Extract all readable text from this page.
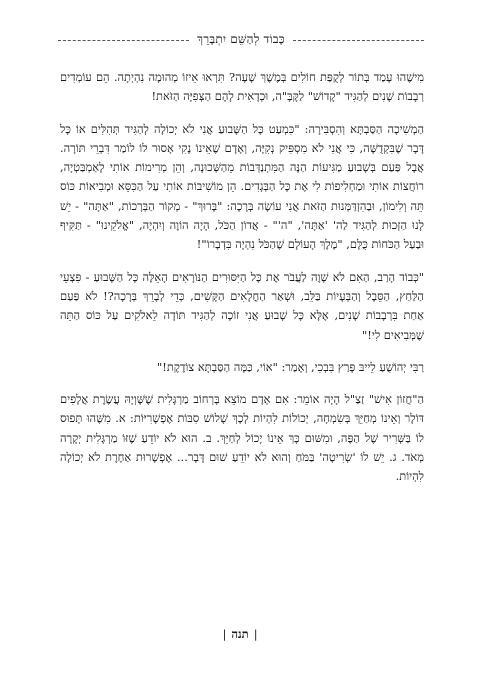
כָּבוֹד לְהַשֵּׁם יִתְבָּרֵךְ

מִישֶׁהוּ עָמַד בְּתוֹר לְקֻפַּת חוֹלִים בְּמֶשֶׁךְ שָׁעָה? תִּרְאוּ אֵיזוֹ מְהוּמָה נִהְיְתָה. הֵם עוֹמְדִים רְבָבוֹת שָׁנִים לְהַגִּיד "קָדוֹשׁ" לַקָּבָּ"ה, וּכְדָאִית לָהֶם הַצְּפִיָּה הַזֹּאת!

הַמְשִׁיכָה הַסַּבְתָּא וְהִסְבִּירָה: "כִּמְעַט כָּל הַשָּׁבוּעַ אֲנִי לֹא יְכוֹלָה לְהַגִּיד תְּהִלִּים אוֹ כָּל דָּבָר שֶׁבִּקְדֻשָּׁה, כִּי אֲנִי לֹא מִסְפִּיק נְקִיָּה, וְאָדָם שֶׁאֵינוֹ נָקִי אָסוּר לוֹ לוֹמַר דִּבְרֵי תּוֹרָה. אֲבָל פַּעַם בְּשָׁבוּעַ מַגִּיעוֹת הַנָּה הַמִּתְנַדְּבוֹת מֵהַשְּׁכוּנָה, וְהֵן מְרִימוֹת אוֹתִי לָאַמְבַּטְיָה, רוֹחֲצוֹת אוֹתִי וּמַחְלִיפוֹת לִי אֶת כָּל הַבְּגָדִים. הֵן מוֹשִׁיבוֹת אוֹתִי עַל הַכִּסֵּא וּמְבִיאוֹת כּוֹס תֵּה וְלִימוֹן, וּבַהִזְדַּמְּנוּת הַזֹּאת אֲנִי עוֹשָׂה בְּרָכָה: "בָּרוּךְ" - מְקוֹר הַבְּרָכוֹת, "אַתָּה" - יֵשׁ לָנוּ הַזְּכוּת לְהַגִּיד לַה' 'אַתָּה', "ה'" - אֲדוֹן הַכֹּל, הָיָה הוֹוֶה וְיִהְיֶה, "אֱלֹקֵינוּ" - תַּקִּיף וּבַעַל הַכֹּחוֹת כֻּלָּם, "מֶלֶךְ הָעוֹלָם שֶׁהַכֹּל נִהְיָה בִּדְבָרוֹ"!

"כְּבוֹד הָרַב, הַאִם לֹא שָׁוֶה לַעֲבֹר אֶת כָּל הַיִּסּוּרִים הַנּוֹרָאִים הָאֵלֶּה כָּל הַשָּׁבוּעַ - פִּצְעֵי הַלַּחַץ, הַסֵּבֶל וְהַבְּעָיוֹת בַּלֵּב, וּשְׁאַר הַחֳלָאִים הַקָּשִׁים, כְּדֵי לְבָרֵךְ בְּרָכָה?! לֹא פַּעַם אַחַת בִּרְבָבוֹת שָׁנִים, אֶלָּא כָּל שָׁבוּעַ אֲנִי זוֹכָה לְהַגִּיד תּוֹדָה לֵאלֹקִים עַל כּוֹס הַתֵּה שֶׁמְּבִיאִים לִי!"

רַבִּי יְהוֹשֻׁעַ לֵייבּ פָּרַץ בִּבְכִי, וְאָמַר: "אוֹי, כַּמָּה הַסַּבְתָּא צוֹדֶקֶת!"

הַ"חֲזוֹן אִישׁ" זַצַ"ל הָיָה אוֹמֵר: אִם אָדָם מוֹצֵא בָּרְחוֹב מַרְגָּלִית שֶׁשָּׁוְיָהּ עֲשֶׂרֶת אֲלָפִים דּוֹלָר וְאֵינוֹ מְחַיֵּךְ בְּשִׂמְחָה, יְכוֹלוֹת לִהְיוֹת לְכָךְ שָׁלוֹשׁ סִבּוֹת אֶפְשָׁרִיּוֹת: א. מִשֶּׁהוּ תָּפוּס לוֹ בַּשְּׁרִיר שֶׁל הַפֶּה, וּמִשּׁוּם כָּךְ אֵינוֹ יָכוֹל לְחַיֵּךְ. ב. הוּא לֹא יוֹדֵעַ שֶׁזּוֹ מַרְגָּלִית יְקָרָה מְאֹד. ג. יֵשׁ לוֹ 'שְׂרִיטָה' בַּמֹּחַ וְהוּא לֹא יוֹדֵעַ שׁוּם דָּבָר... אֶפְשָׁרוּת אַחֶרֶת לֹא יְכוֹלָה לִהְיוֹת.

|תנה|
